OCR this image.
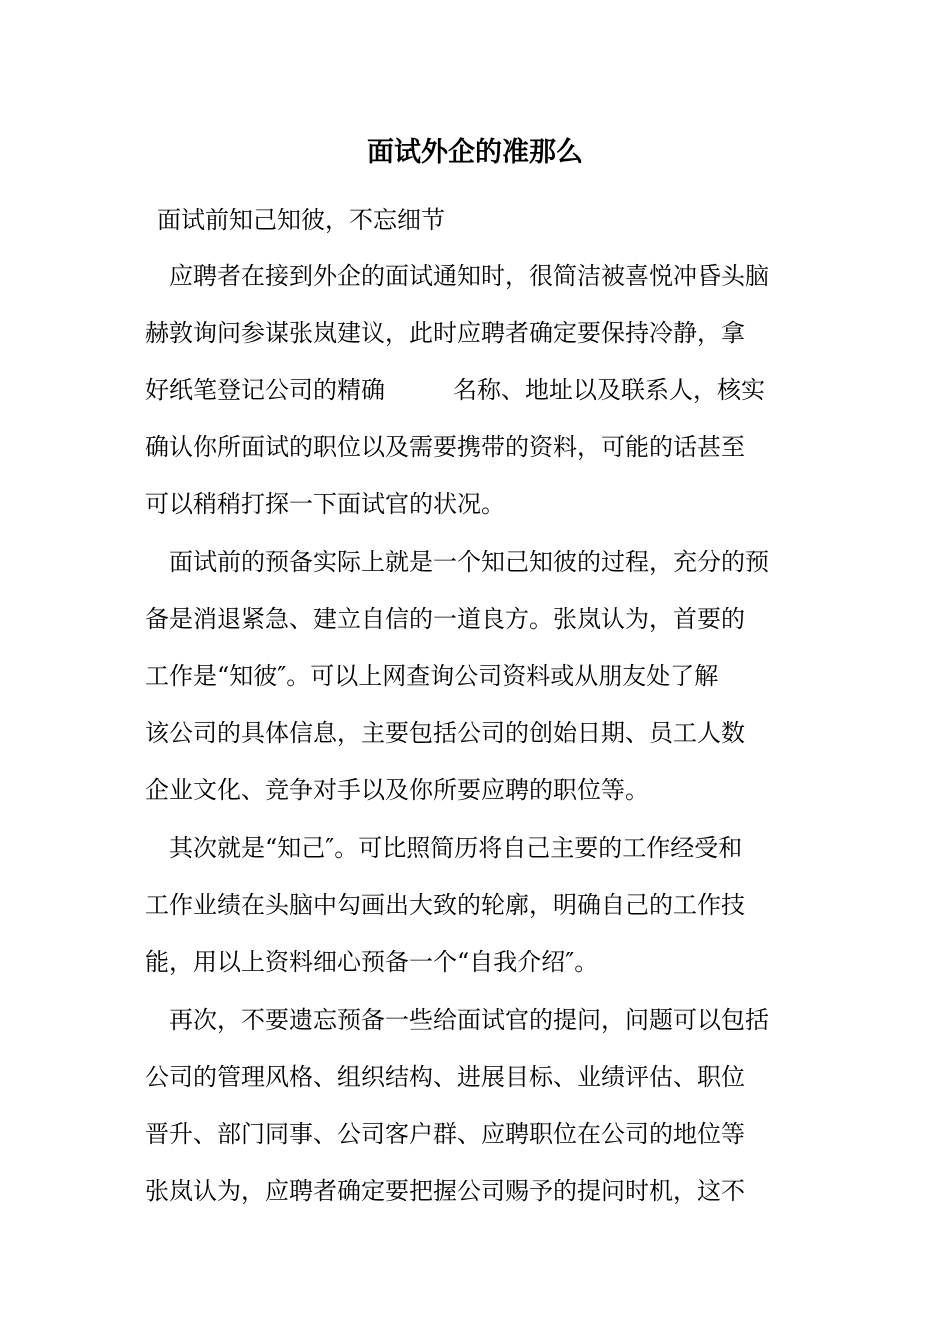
面试外企的准那么

面试前知己知彼，不忘细节

应聘者在接到外企的面试通知时，很简洁被喜悦冲昏头脑

赫敦询问参谋张岚建议，此时应聘者确定要保持冷静，拿

好纸笔登记公司的精确	名称、地址以及联系人，核实

确认你所面试的职位以及需要携带的资料，可能的话甚至

可以稍稍打探一下面试官的状况。

面试前的预备实际上就是一个知己知彼的过程，充分的预

备是消退紧急、建立自信的一道良方。张岚认为，首要的

工作是“知彼″。可以上网查询公司资料或从朋友处了解

该公司的具体信息，主要包括公司的创始日期、员工人数

企业文化、竞争对手以及你所要应聘的职位等。

其次就是“知己″。可比照简历将自己主要的工作经受和

工作业绩在头脑中勾画出大致的轮廓，明确自己的工作技

能，用以上资料细心预备一个“自我介绍″。

再次，不要遗忘预备一些给面试官的提问，问题可以包括

公司的管理风格、组织结构、进展目标、业绩评估、职位

晋升、部门同事、公司客户群、应聘职位在公司的地位等

张岚认为，应聘者确定要把握公司赐予的提问时机，这不
